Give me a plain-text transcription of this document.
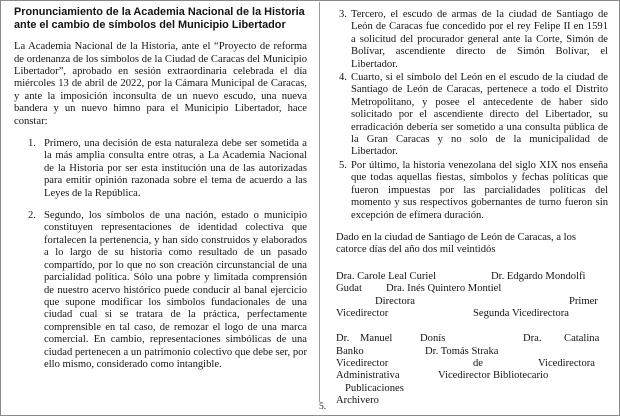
Pronunciamiento de la Academia Nacional de la Historia ante el cambio de símbolos del Municipio Libertador

La Academia Nacional de la Historia, ante el “Proyecto de reforma de ordenanza de los símbolos de la Ciudad de Caracas del Municipio Libertador”, aprobado en sesión extraordinaria celebrada el día miércoles 13 de abril de 2022, por la Cámara Municipal de Caracas, y ante la imposición inconsulta de un nuevo escudo, una nueva bandera y un nuevo himno para el Municipio Libertador, hace constar:

1. Primero, una decisión de esta naturaleza debe ser sometida a la más amplia consulta entre otras, a La Academia Nacional de la Historia por ser esta institución una de las autorizadas para emitir opinión razonada sobre el tema de acuerdo a las Leyes de la República.
2. Segundo, los símbolos de una nación, estado o municipio constituyen representaciones de identidad colectiva que fortalecen la pertenencia, y han sido construidos y elaborados a lo largo de su historia como resultado de un pasado compartido, por lo que no son creación circunstancial de una parcialidad política. Sólo una pobre y limitada comprensión de nuestro acervo histórico puede conducir al banal ejercicio que supone modificar los símbolos fundacionales de una ciudad cual si se tratara de la práctica, perfectamente comprensible en tal caso, de remozar el logo de una marca comercial. En cambio, representaciones simbólicas de una ciudad pertenecen a un patrimonio colectivo que debe ser, por ello mismo, considerado como intangible.
3. Tercero, el escudo de armas de la ciudad de Santiago de León de Caracas fue concedido por el rey Felipe II en 1591 a solicitud del procurador general ante la Corte, Simón de Bolívar, ascendiente directo de Simón Bolívar, el Libertador.
4. Cuarto, si el símbolo del León en el escudo de la ciudad de Santiago de León de Caracas, pertenece a todo el Distrito Metropolitano, y posee el antecedente de haber sido solicitado por el ascendiente directo del Libertador, su erradicación debería ser sometido a una consulta pública de la Gran Caracas y no solo de la municipalidad de Libertador.
5. Por último, la historia venezolana del siglo XIX nos enseña que todas aquellas fiestas, símbolos y fechas políticas que fueron impuestas por las parcialidades políticas del momento y sus respectivos gobernantes de turno fueron sin excepción de efímera duración.

Dado en la ciudad de Santiago de León de Caracas, a los catorce días del año dos mil veintidós

Dra. Carole Leal Curiel	Dr. Edgardo Mondolfi
Gudat Dra. Inés Quintero Montiel
Directora	Primer
Vicedirector	Segunda Vicedirectora
Dr. Manuel	Donís	Dra. Catalina
Banko	Dr. Tomás Straka
Vicedirector	de	Vicedirectora
Administrativa	Vicedirector Bibliotecario
Publicaciones
Archivero
5.
